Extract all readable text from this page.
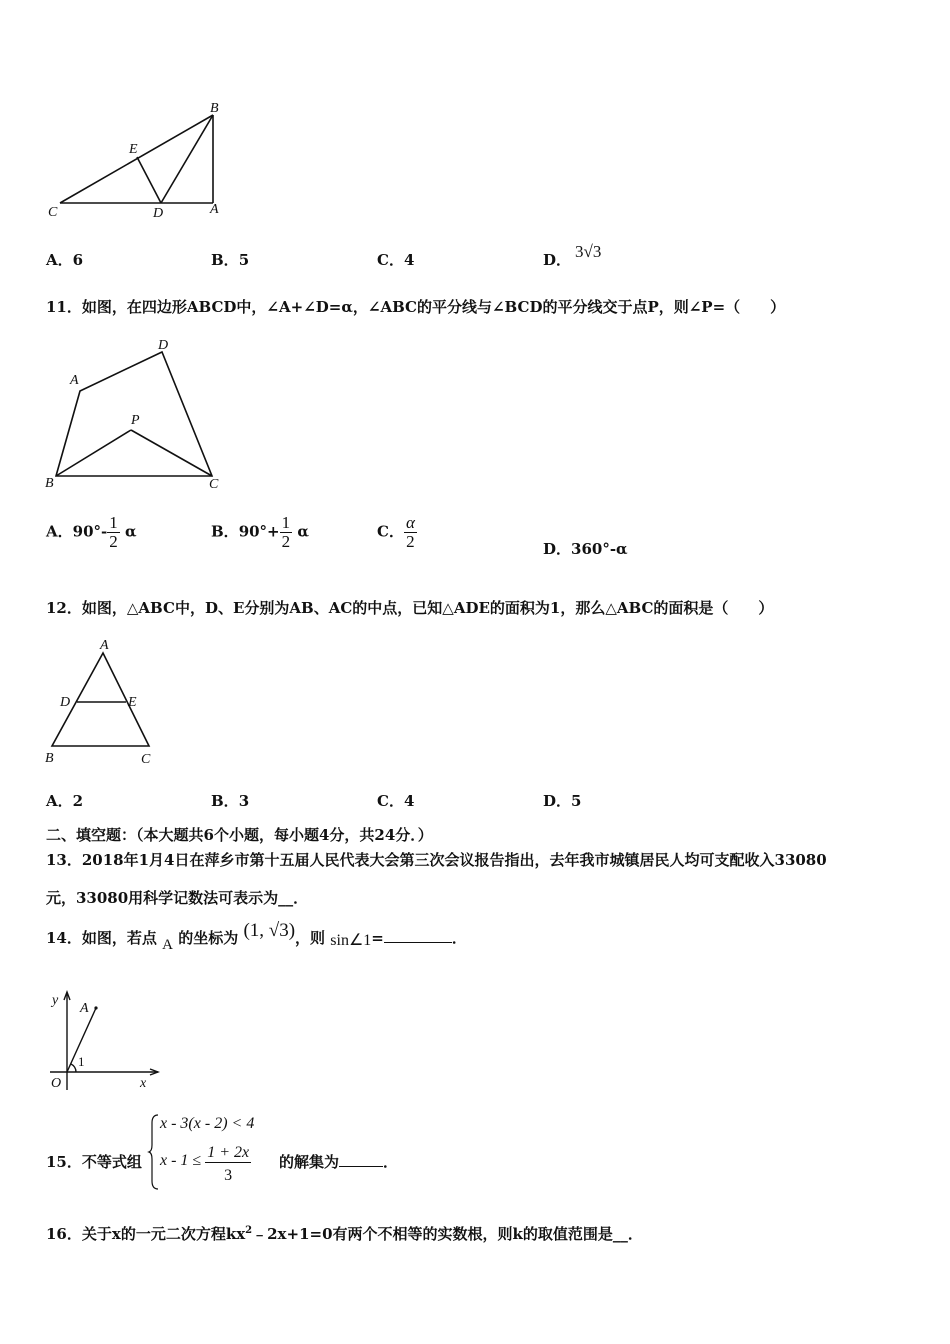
B
E
C	D	A
A．6	B．5	C．4	D． 3√3
11．如图，在四边形ABCD中，∠A+∠D=α，∠ABC的平分线与∠BCD的平分线交于点P，则∠P=（　　）
A
D
P
B	C
A．$90^\circ- \frac{1}{2}$ α	B．$90^\circ+ \frac{1}{2}$ α	C． $\frac{\alpha}{2}$	D．360°-α
12．如图，△ABC中，D、E分别为AB、AC的中点，已知△ADE的面积为1，那么△ABC的面积是（　　）
A
D	E
B	C
A．2	B．3	C．4	D．5
二、填空题：（本大题共6个小题，每小题4分，共24分．）
13．2018年1月4日在萍乡市第十五届人民代表大会第三次会议报告指出，去年我市城镇居民人均可支配收入33080
元，33080用科学记数法可表示为__．
14．如图，若点 A 的坐标为 (1, √3)，则 sin∠1=	．
y
A
1
O	x
15．不等式组
x - 3(x - 2) < 4
$x - 1 \le \frac{1 + 2x}{3}$ 的解集为	．
16．关于x的一元二次方程$kx^2﹣2x+1=0$有两个不相等的实数根，则k的取值范围是__．
